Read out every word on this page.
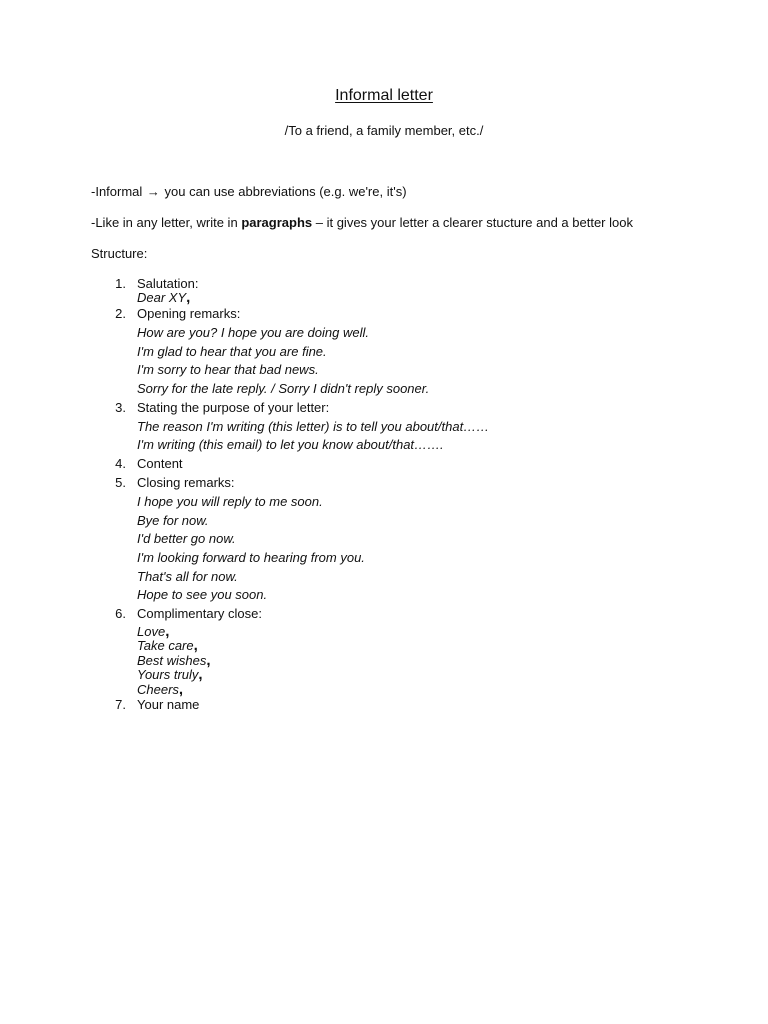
Informal letter
/To a friend, a family member, etc./
-Informal → you can use abbreviations (e.g. we're, it's)
-Like in any letter, write in paragraphs – it gives your letter a clearer stucture and a better look
Structure:
1. Salutation:
Dear XY,
2. Opening remarks:
How are you? I hope you are doing well.
I'm glad to hear that you are fine.
I'm sorry to hear that bad news.
Sorry for the late reply. / Sorry I didn't reply sooner.
3. Stating the purpose of your letter:
The reason I'm writing (this letter) is to tell you about/that……
I'm writing (this email) to let you know about/that…….
4. Content
5. Closing remarks:
I hope you will reply to me soon.
Bye for now.
I'd better go now.
I'm looking forward to hearing from you.
That's all for now.
Hope to see you soon.
6. Complimentary close:
Love,
Take care,
Best wishes,
Yours truly,
Cheers,
7. Your name
